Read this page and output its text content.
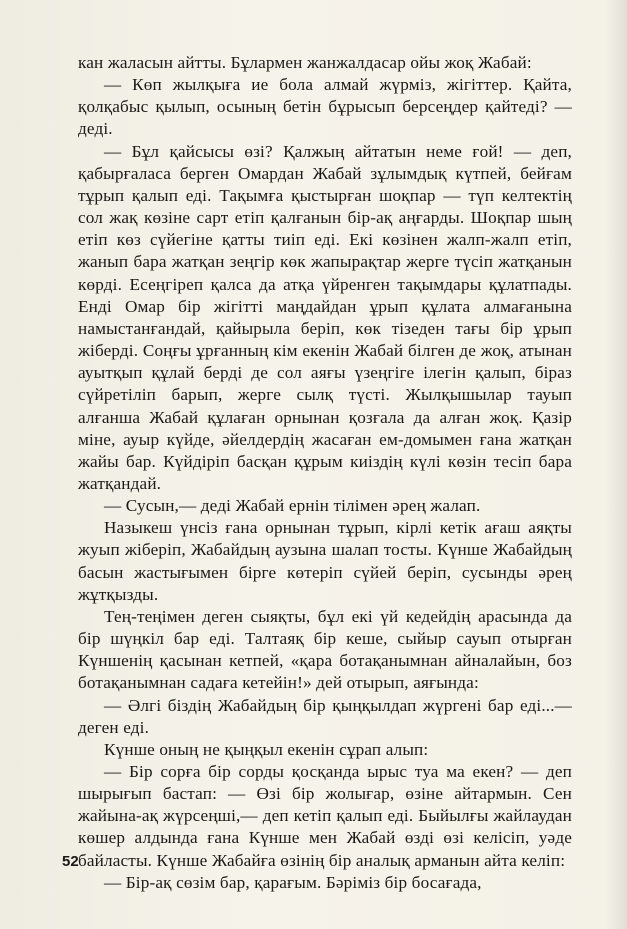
кан жаласын айтты. Бұлармен жанжалдасар ойы жоқ Жабай:

— Көп жылқыға ие бола алмай жүрміз, жігіттер. Қайта, қолқабыс қылып, осының бетін бұрысып берсеңдер қайтеді? —деді.

— Бұл қайсысы өзі? Қалжың айтатын неме ғой! — деп, қабырғаласа берген Омардан Жабай зұлымдық күтпей, бейғам тұрып қалып еді. Тақымға қыстырған шоқпар — түп келтектің сол жақ көзіне сарт етіп қалғанын бір-ақ аңғарды. Шоқпар шың етіп көз сүйегіне қатты тиіп еді. Екі көзінен жалп-жалп етіп, жанып бара жатқан зеңгір көк жапырақтар жерге түсіп жатқанын көрді. Есеңгіреп қалса да атқа үйренген тақымдары құлатпады. Енді Омар бір жігітті маңдайдан ұрып құлата алмағанына намыстанғандай, қайырыла беріп, көк тізеден тағы бір ұрып жіберді. Соңғы ұрғанның кім екенін Жабай білген де жоқ, атынан ауытқып құлай берді де сол аяғы үзеңгіге ілегін қалып, біраз сүйретіліп барып, жерге сылқ түсті. Жылқышылар тауып алғанша Жабай құлаған орнынан қозғала да алған жоқ. Қазір міне, ауыр күйде, әйелдердің жасаған ем-домымен ғана жатқан жайы бар. Күйдіріп басқан құрым киіздің күлі көзін тесіп бара жатқандай.

— Сусын,— деді Жабай ернін тілімен әрең жалап.

Назыкеш үнсіз ғана орнынан тұрып, кірлі кетік ағаш аяқты жуып жіберіп, Жабайдың аузына шалап тосты. Күнше Жабайдың басын жастығымен бірге көтеріп сүйей беріп, сусынды әрең жұтқызды.

Тең-теңімен деген сыяқты, бұл екі үй кедейдің арасында да бір шүңкіл бар еді. Талтаяқ бір кеше, сыйыр сауып отырған Күншенің қасынан кетпей, «қара ботақанымнан айналайын, боз ботақанымнан садаға кетейін!» дей отырып, аяғында:

— Әлгі біздің Жабайдың бір қыңқылдап жүргені бар еді...— деген еді.

Күнше оның не қыңқыл екенін сұрап алып:

— Бір сорға бір сорды қосқанда ырыс туа ма екен? — деп шырығып бастап: — Өзі бір жолығар, өзіне айтармын. Сен жайына-ақ жүрсеңші,— деп кетіп қалып еді. Быйылғы жайлаудан көшер алдында ғана Күнше мен Жабай өзді өзі келісіп, уәде байласты. Күнше Жабайға өзінің бір аналық арманын айта келіп:

— Бір-ақ сөзім бар, қарағым. Бәріміз бір босағада,

52
